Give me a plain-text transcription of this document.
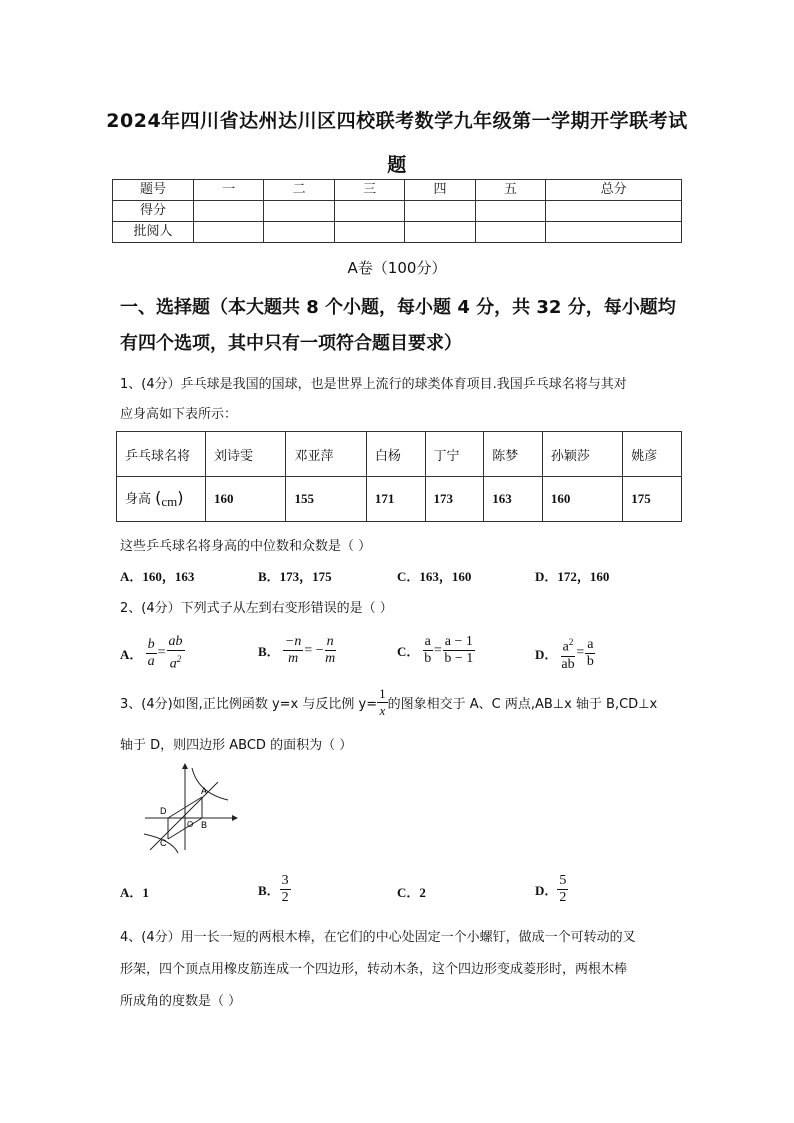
2024年四川省达州达川区四校联考数学九年级第一学期开学联考试
题
题号	一	二	三	四	五	总分
得分						
批阅人						
A卷（100分）
一、选择题（本大题共 8 个小题，每小题 4 分，共 32 分，每小题均
有四个选项，其中只有一项符合题目要求）
1、(4分）乒乓球是我国的国球，也是世界上流行的球类体育项目.我国乒乓球名将与其对
应身高如下表所示：
乒乓球名将	刘诗雯	邓亚萍	白杨	丁宁	陈梦	孙颖莎	姚彦
身高 (cm)	160	155	171	173	163	160	175
这些乒乓球名将身高的中位数和众数是（ ）
A．160，163	B．173，175	C．163，160	D．172，160
2、(4分）下列式子从左到右变形错误的是（ ）
A． $\frac{b}{a} = \frac{ab}{a^2}$	B． $\frac{-n}{m}$ = − $\frac{n}{m}$	C． $\frac{a}{b} = \frac{a - 1}{b - 1}$	D． $\frac{a^2}{ab} = \frac{a}{b}$
3、(4分)如图,正比例函数 y=x 与反比例 $y= \frac{1}{x}$ 的图象相交于 A、C 两点,AB⊥x 轴于 B,CD⊥x
轴于 D，则四边形 ABCD 的面积为（ ）
A
B
C
D
O
A．1	B． $\frac{3}{2}$	C．2	D． $\frac{5}{2}$
4、(4分）用一长一短的两根木棒，在它们的中心处固定一个小螺钉，做成一个可转动的叉
形架，四个顶点用橡皮筋连成一个四边形，转动木条，这个四边形变成菱形时，两根木棒
所成角的度数是（ ）
